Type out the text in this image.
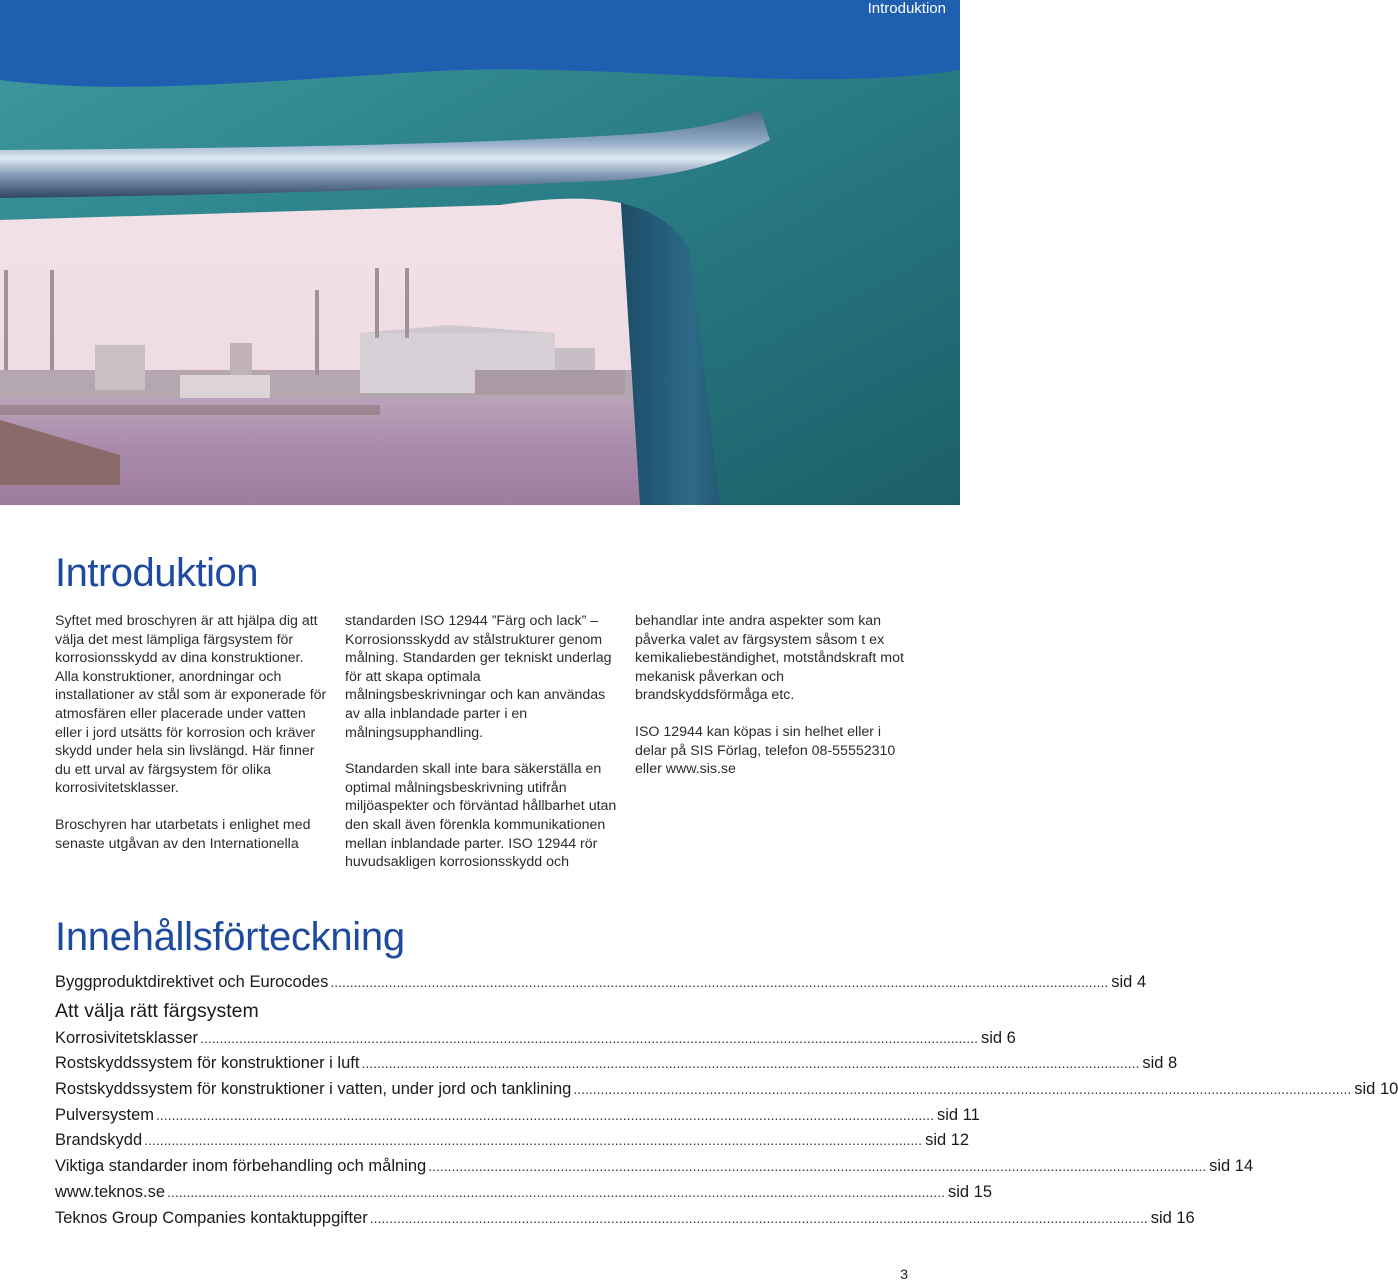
Introduktion
Introduktion

Syftet med broschyren är att hjälpa dig att välja det mest lämpliga färgsystem för korrosionsskydd av dina konstruktioner. Alla konstruktioner, anordningar och installationer av stål som är exponerade för atmosfären eller placerade under vatten eller i jord utsätts för korrosion och kräver skydd under hela sin livslängd. Här finner du ett urval av färgsystem för olika korrosivitetsklasser.

Broschyren har utarbetats i enlighet med senaste utgåvan av den Internationella

standarden ISO 12944 ”Färg och lack” – Korrosionsskydd av stålstrukturer genom målning. Standarden ger tekniskt underlag för att skapa optimala målningsbeskrivningar och kan användas av alla inblandade parter i en målningsupphandling.

Standarden skall inte bara säkerställa en optimal målningsbeskrivning utifrån miljöaspekter och förväntad hållbarhet utan den skall även förenkla kommunikationen mellan inblandade parter. ISO 12944 rör huvudsakligen korrosionsskydd och

behandlar inte andra aspekter som kan påverka valet av färgsystem såsom t ex kemikaliebeständighet, motståndskraft mot mekanisk påverkan och brandskyddsförmåga etc.

ISO 12944 kan köpas i sin helhet eller i delar på SIS Förlag, telefon 08-55552310 eller www.sis.se

Innehållsförteckning
Byggproduktdirektivet och Eurocodes ........................................................................................................................................................................................................ sid 4
Att välja rätt färgsystem
Korrosivitetsklasser ........................................................................................................................................................................................................ sid 6
Rostskyddssystem för konstruktioner i luft ........................................................................................................................................................................................................ sid 8
Rostskyddssystem för konstruktioner i vatten, under jord och tanklining ........................................................................................................................................................................................................ sid 10
Pulversystem ........................................................................................................................................................................................................ sid 11
Brandskydd ........................................................................................................................................................................................................ sid 12
Viktiga standarder inom förbehandling och målning ........................................................................................................................................................................................................ sid 14
www.teknos.se ........................................................................................................................................................................................................ sid 15
Teknos Group Companies kontaktuppgifter ........................................................................................................................................................................................................ sid 16
3
